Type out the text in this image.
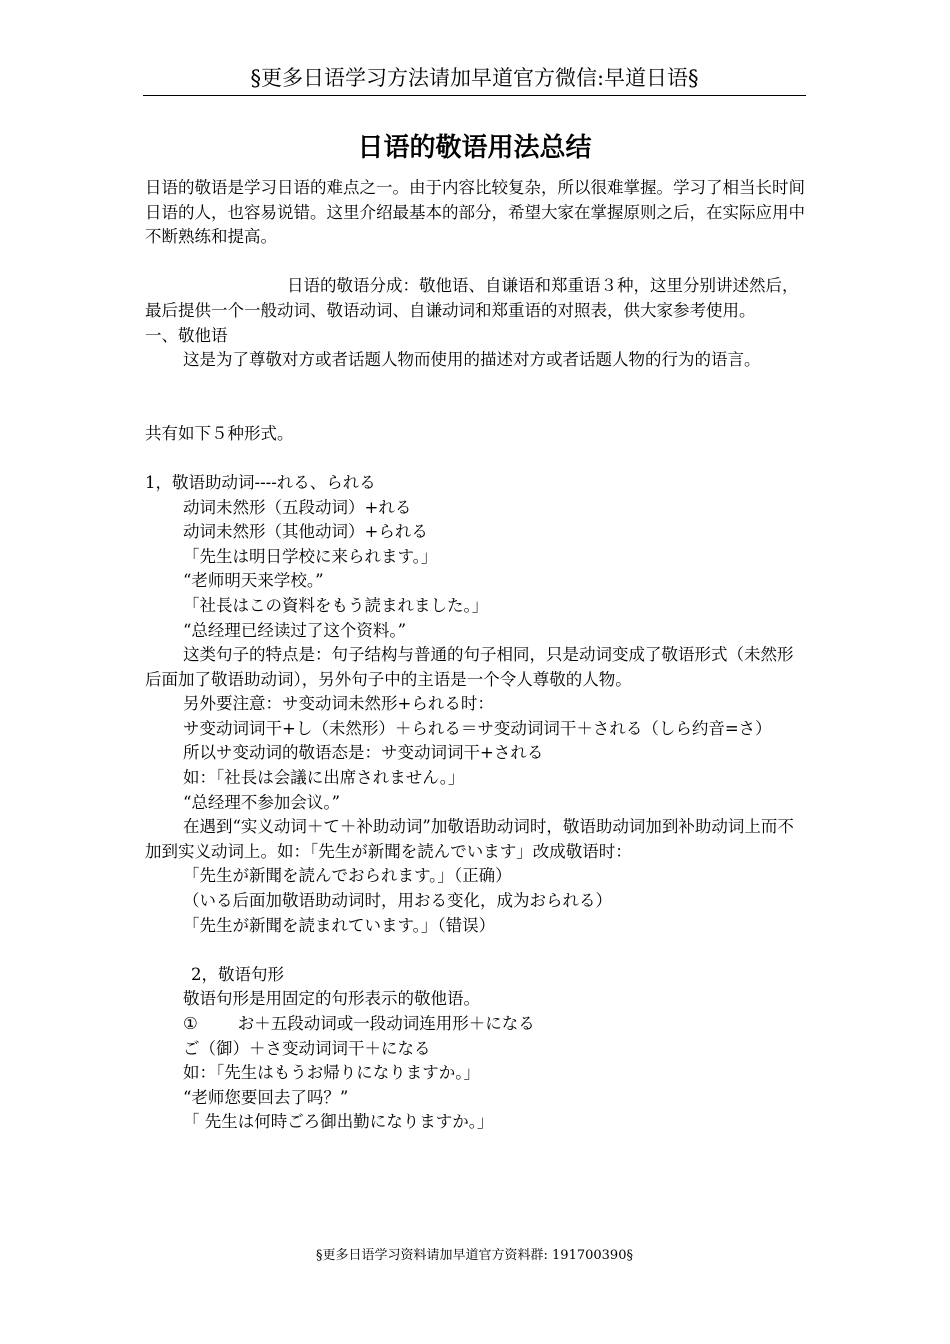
§更多日语学习方法请加早道官方微信:早道日语§
日语的敬语用法总结

日语的敬语是学习日语的难点之一。由于内容比较复杂，所以很难掌握。学习了相当长时间日语的人，也容易说错。这里介绍最基本的部分，希望大家在掌握原则之后，在实际应用中不断熟练和提高。

日语的敬语分成：敬他语、自谦语和郑重语３种，这里分别讲述然后，最后提供一个一般动词、敬语动词、自谦动词和郑重语的对照表，供大家参考使用。

一、敬他语

这是为了尊敬对方或者话题人物而使用的描述对方或者话题人物的行为的语言。

共有如下５种形式。

1，敬语助动词----れる、られる

动词未然形（五段动词）+れる

动词未然形（其他动词）+られる

「先生は明日学校に来られます。」

“老师明天来学校。”

「社長はこの資料をもう読まれました。」

“总经理已经读过了这个资料。”

这类句子的特点是：句子结构与普通的句子相同，只是动词变成了敬语形式（未然形后面加了敬语助动词），另外句子中的主语是一个令人尊敬的人物。

另外要注意：サ变动词未然形+られる时：

サ变动词词干+し（未然形）＋られる＝サ变动词词干＋される（しら约音=さ）

所以サ变动词的敬语态是：サ变动词词干+される

如：「社長は会議に出席されません。」

“总经理不参加会议。”

在遇到“实义动词＋て＋补助动词”加敬语助动词时，敬语助动词加到补助动词上而不加到实义动词上。如：「先生が新聞を読んでいます」改成敬语时：

「先生が新聞を読んでおられます。」（正确）

（いる后面加敬语助动词时，用おる变化，成为おられる）

「先生が新聞を読まれています。」（错误）

2，敬语句形

敬语句形是用固定的句形表示的敬他语。

① お＋五段动词或一段动词连用形＋になる

ご（御）＋さ变动词词干＋になる

如：「先生はもうお帰りになりますか。」

“老师您要回去了吗？”

「 先生は何時ごろ御出勤になりますか。」

§更多日语学习资料请加早道官方资料群: 191700390§
